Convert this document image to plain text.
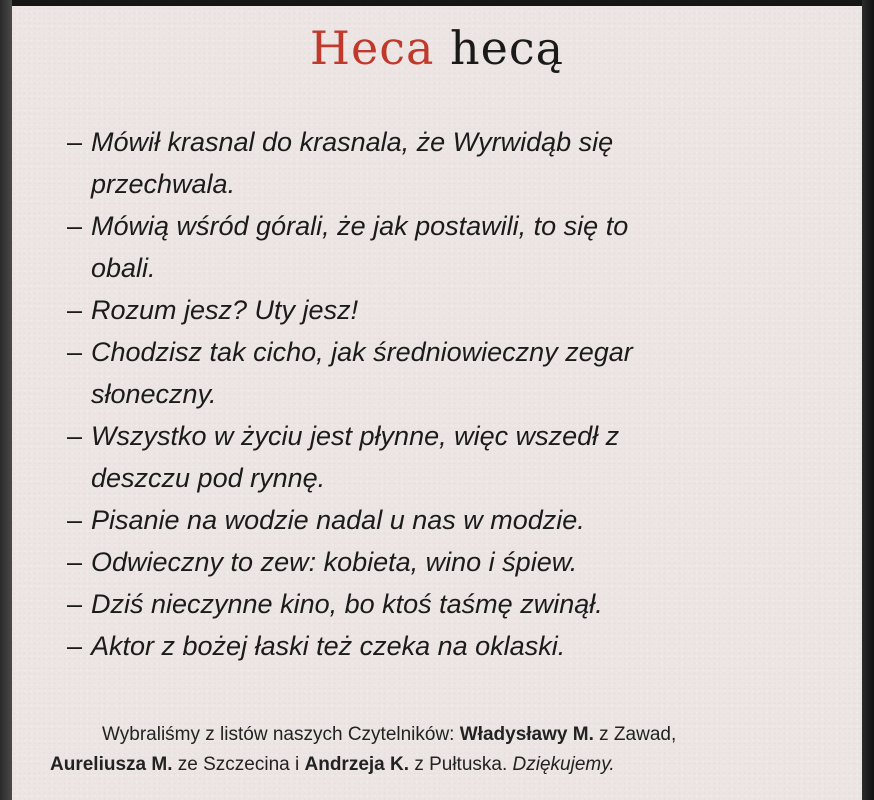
Heca hecą
– Mówił krasnal do krasnala, że Wyrwidąb się
przechwala.
– Mówią wśród górali, że jak postawili, to się to
obali.
– Rozum jesz? Uty jesz!
– Chodzisz tak cicho, jak średniowieczny zegar
słoneczny.
– Wszystko w życiu jest płynne, więc wszedł z
deszczu pod rynnę.
– Pisanie na wodzie nadal u nas w modzie.
– Odwieczny to zew: kobieta, wino i śpiew.
– Dziś nieczynne kino, bo ktoś taśmę zwinął.
– Aktor z bożej łaski też czeka na oklaski.
Wybraliśmy z listów naszych Czytelników: Władysławy M. z Zawad,
Aureliusza M. ze Szczecina i Andrzeja K. z Pułtuska. Dziękujemy.
